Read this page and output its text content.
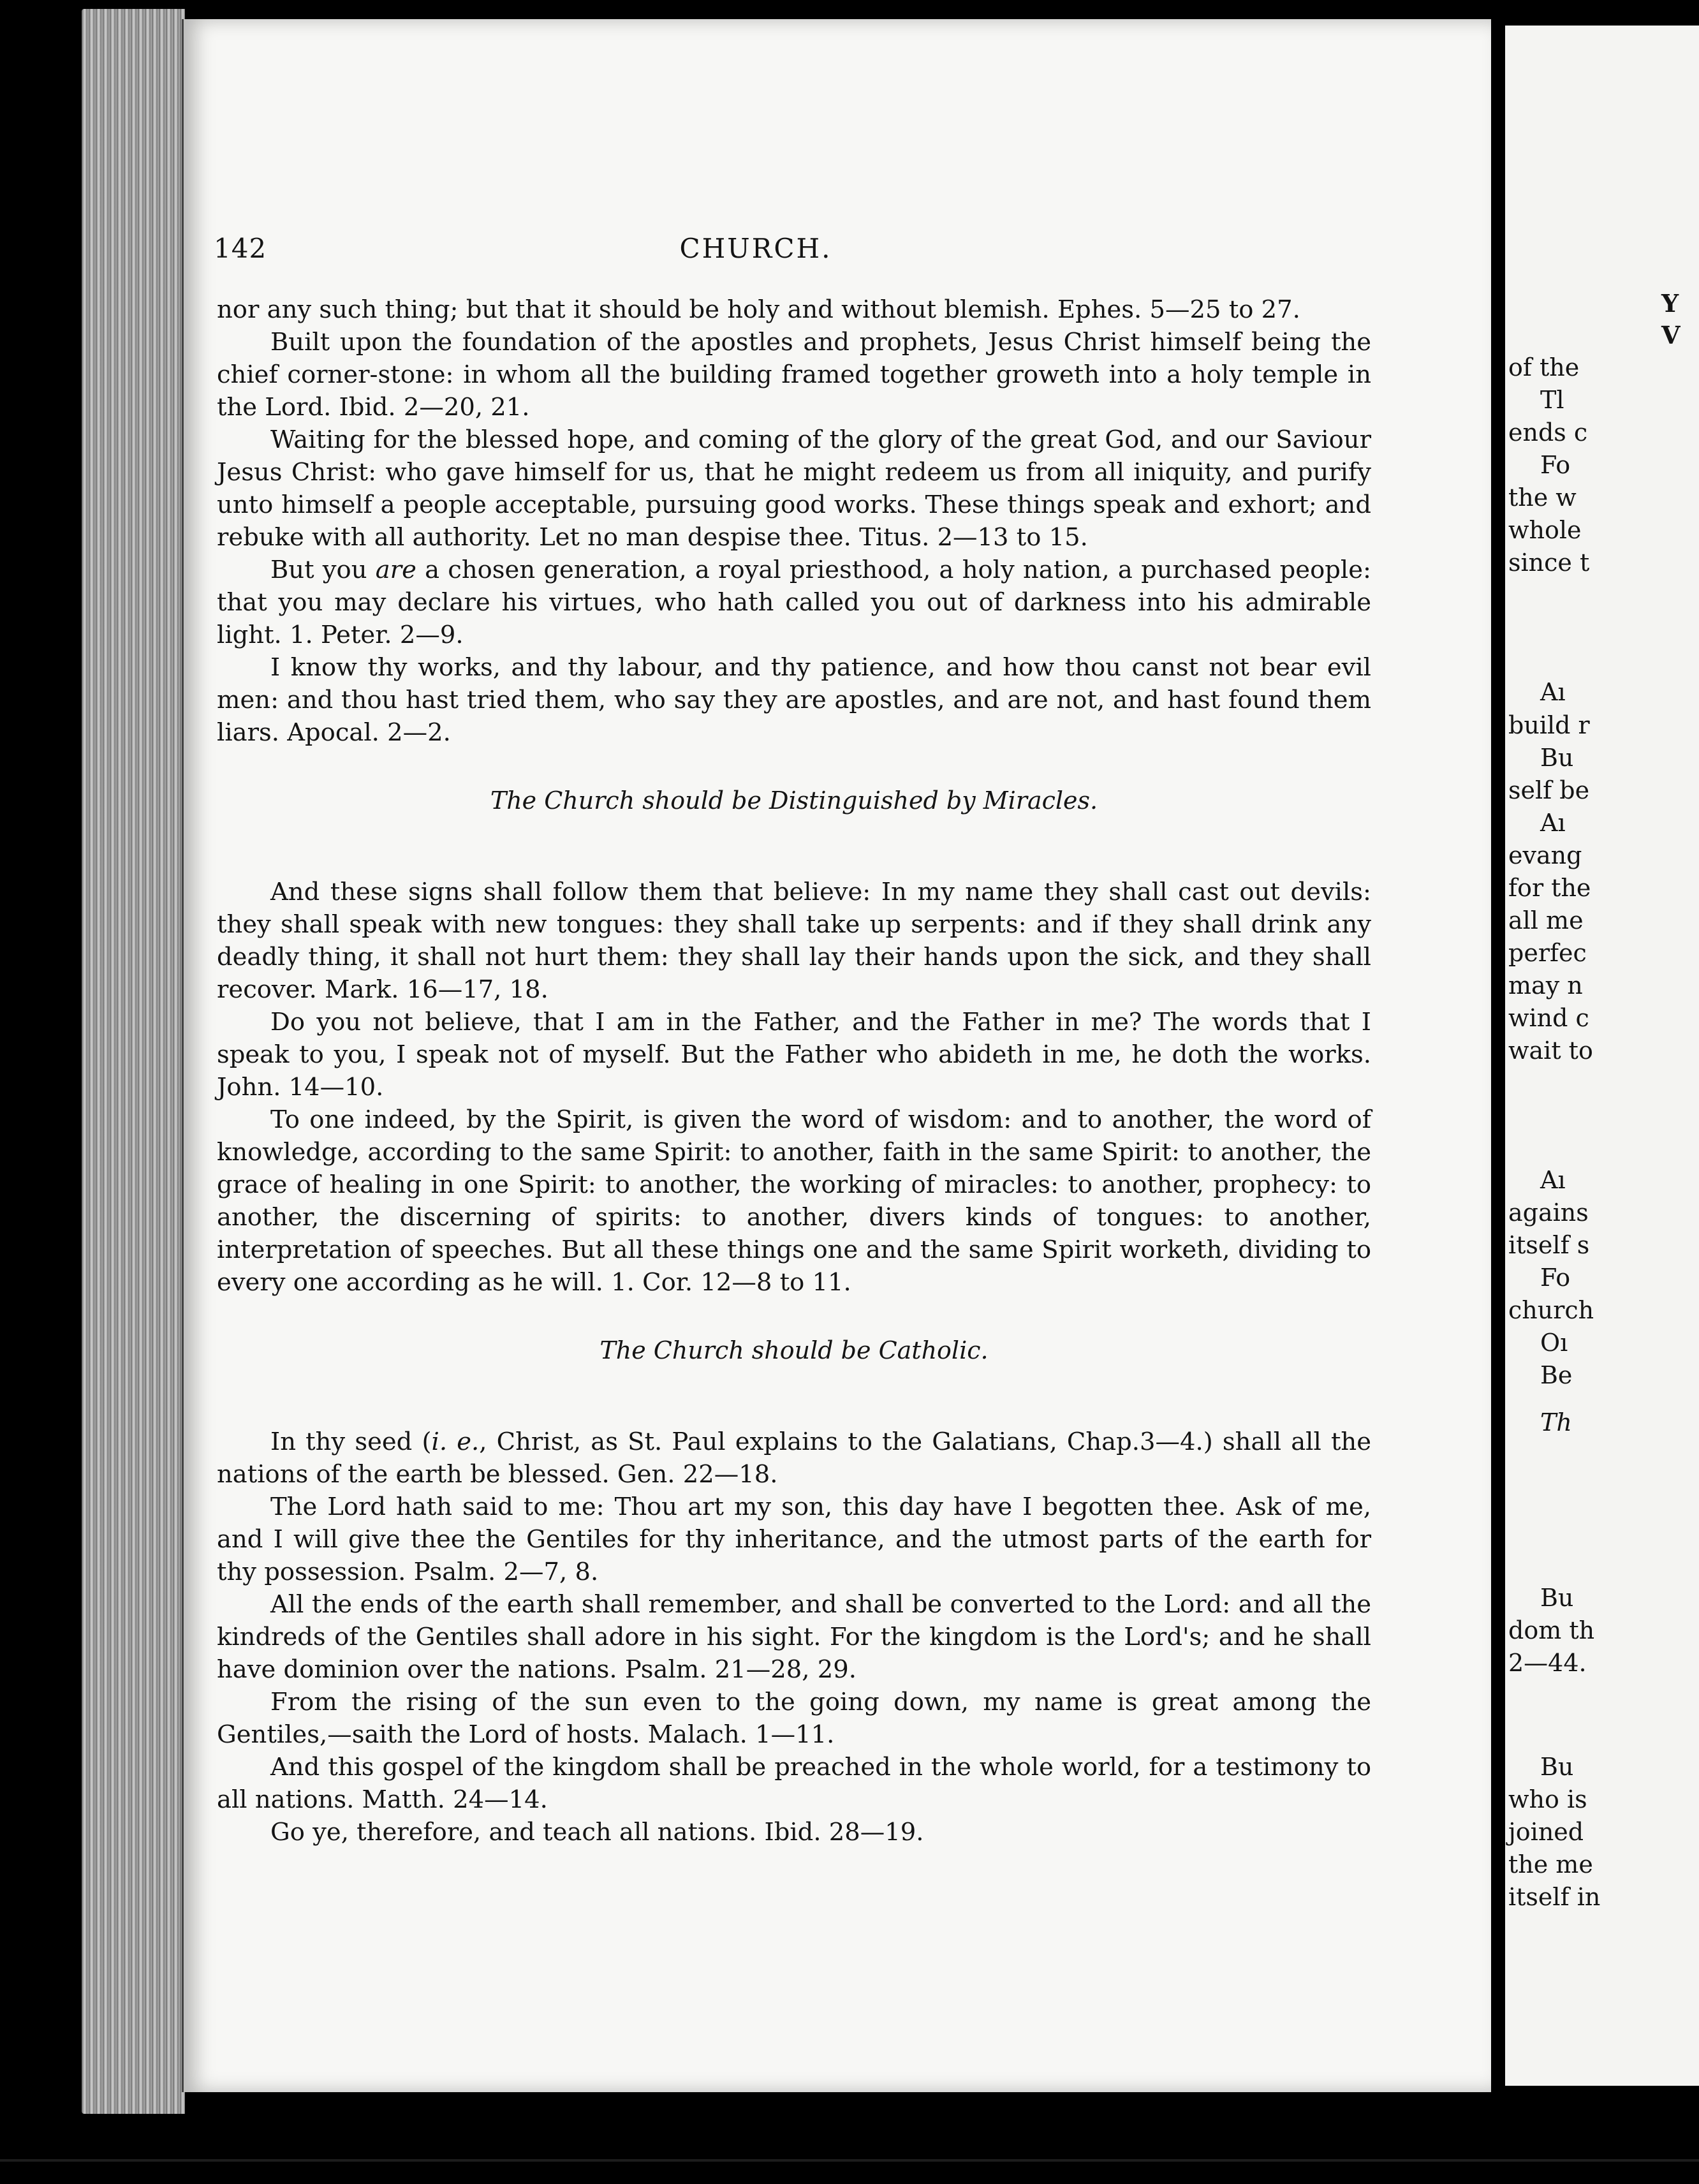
142	CHURCH.

nor any such thing; but that it should be holy and without blemish. Ephes. 5—25 to 27.

Built upon the foundation of the apostles and prophets, Jesus Christ himself being the chief corner-stone: in whom all the building framed together groweth into a holy temple in the Lord. Ibid. 2—20, 21.

Waiting for the blessed hope, and coming of the glory of the great God, and our Saviour Jesus Christ: who gave himself for us, that he might redeem us from all iniquity, and purify unto himself a people acceptable, pursuing good works. These things speak and exhort; and rebuke with all authority. Let no man despise thee. Titus. 2—13 to 15.

But you are a chosen generation, a royal priesthood, a holy nation, a purchased people: that you may declare his virtues, who hath called you out of darkness into his admirable light. 1. Peter. 2—9.

I know thy works, and thy labour, and thy patience, and how thou canst not bear evil men: and thou hast tried them, who say they are apostles, and are not, and hast found them liars. Apocal. 2—2.

The Church should be Distinguished by Miracles.

And these signs shall follow them that believe: In my name they shall cast out devils: they shall speak with new tongues: they shall take up serpents: and if they shall drink any deadly thing, it shall not hurt them: they shall lay their hands upon the sick, and they shall recover. Mark. 16—17, 18.

Do you not believe, that I am in the Father, and the Father in me? The words that I speak to you, I speak not of myself. But the Father who abideth in me, he doth the works. John. 14—10.

To one indeed, by the Spirit, is given the word of wisdom: and to another, the word of knowledge, according to the same Spirit: to another, faith in the same Spirit: to another, the grace of healing in one Spirit: to another, the working of miracles: to another, prophecy: to another, the discerning of spirits: to another, divers kinds of tongues: to another, interpretation of speeches. But all these things one and the same Spirit worketh, dividing to every one according as he will. 1. Cor. 12—8 to 11.

The Church should be Catholic.

In thy seed (i. e., Christ, as St. Paul explains to the Galatians, Chap.3—4.) shall all the nations of the earth be blessed. Gen. 22—18.

The Lord hath said to me: Thou art my son, this day have I begotten thee. Ask of me, and I will give thee the Gentiles for thy inheritance, and the utmost parts of the earth for thy possession. Psalm. 2—7, 8.

All the ends of the earth shall remember, and shall be converted to the Lord: and all the kindreds of the Gentiles shall adore in his sight. For the kingdom is the Lord's; and he shall have dominion over the nations. Psalm. 21—28, 29.

From the rising of the sun even to the going down, my name is great among the Gentiles,—saith the Lord of hosts. Malach. 1—11.

And this gospel of the kingdom shall be preached in the whole world, for a testimony to all nations. Matth. 24—14.

Go ye, therefore, and teach all nations. Ibid. 28—19.

Y
V
of the
Tl
ends c
Fo
the w
whole
since t
Aı
build r
Bu
self be
Aı
evang
for the
all me
perfec
may n
wind c
wait to
Aı
agains
itself s
Fo
church
Oı
Be
Th
Bu
dom th
2—44.
Bu
who is
joined
the me
itself in
